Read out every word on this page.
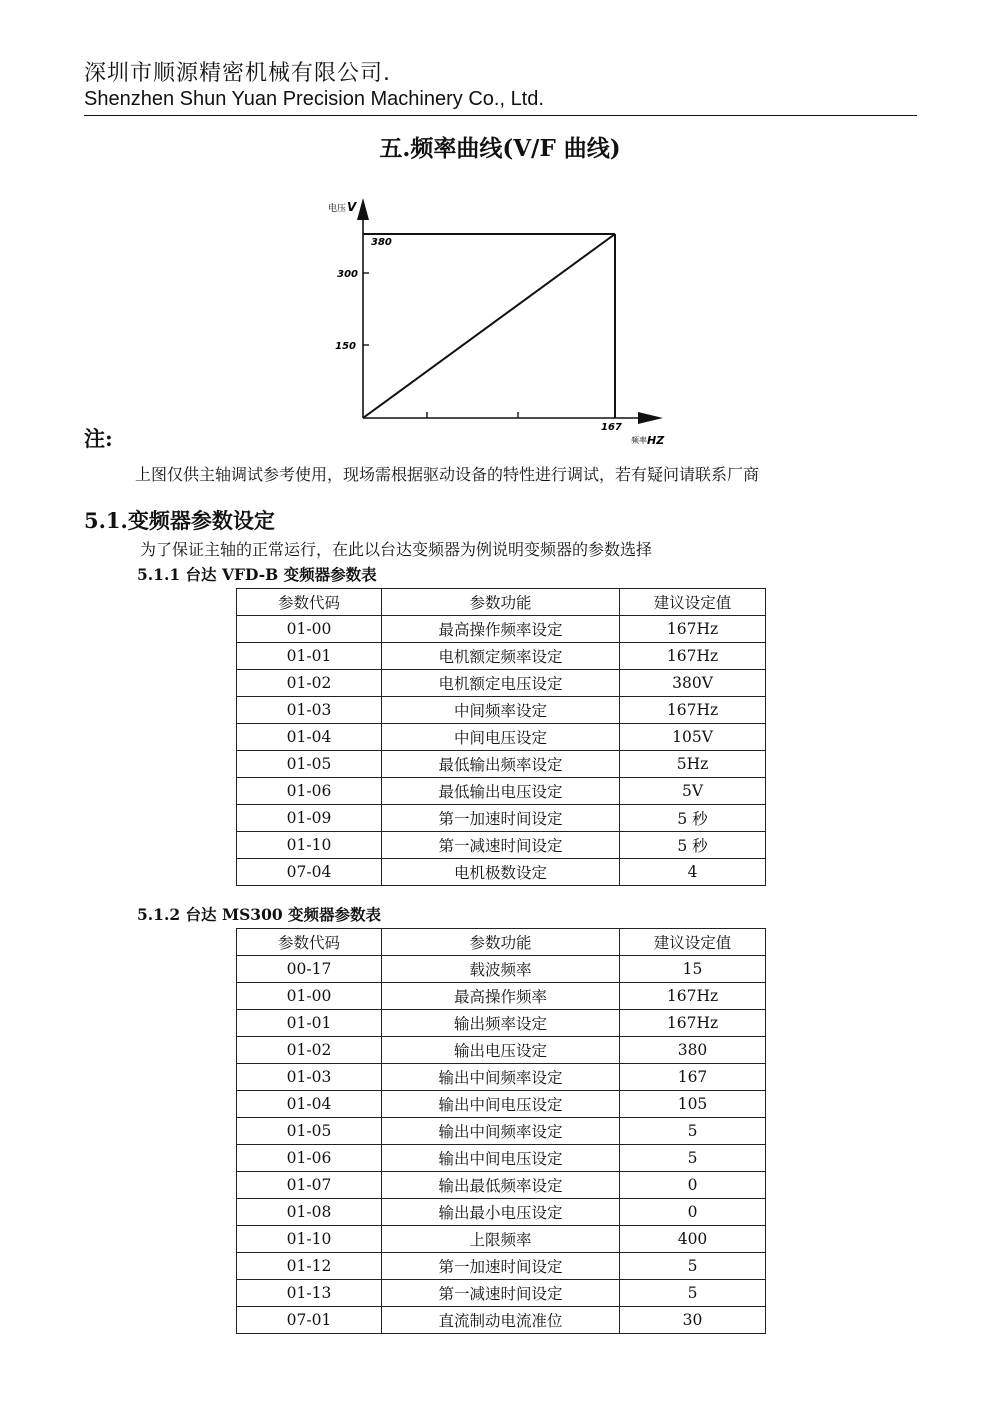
深圳市顺源精密机械有限公司.
Shenzhen Shun Yuan Precision Machinery Co., Ltd.
五.频率曲线(V/F 曲线)
电压 V
380
300
150
167
频率 HZ
注:
上图仅供主轴调试参考使用，现场需根据驱动设备的特性进行调试，若有疑问请联系厂商
5.1.变频器参数设定
为了保证主轴的正常运行，在此以台达变频器为例说明变频器的参数选择
5.1.1 台达 VFD-B 变频器参数表
参数代码	参数功能	建议设定值
01-00	最高操作频率设定	167Hz
01-01	电机额定频率设定	167Hz
01-02	电机额定电压设定	380V
01-03	中间频率设定	167Hz
01-04	中间电压设定	105V
01-05	最低输出频率设定	5Hz
01-06	最低输出电压设定	5V
01-09	第一加速时间设定	5 秒
01-10	第一减速时间设定	5 秒
07-04	电机极数设定	4
5.1.2 台达 MS300 变频器参数表
参数代码	参数功能	建议设定值
00-17	载波频率	15
01-00	最高操作频率	167Hz
01-01	输出频率设定	167Hz
01-02	输出电压设定	380
01-03	输出中间频率设定	167
01-04	输出中间电压设定	105
01-05	输出中间频率设定	5
01-06	输出中间电压设定	5
01-07	输出最低频率设定	0
01-08	输出最小电压设定	0
01-10	上限频率	400
01-12	第一加速时间设定	5
01-13	第一减速时间设定	5
07-01	直流制动电流准位	30
